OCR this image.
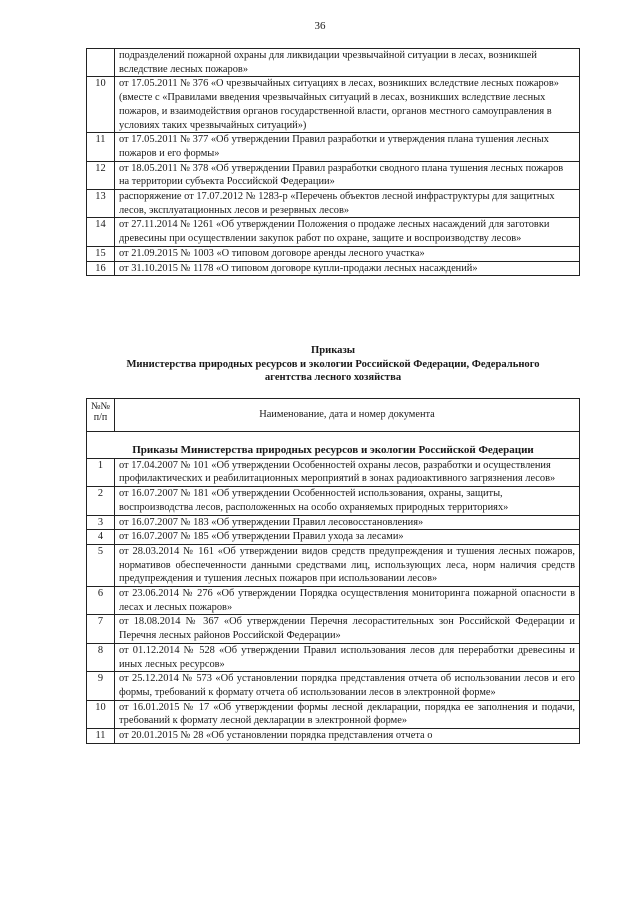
36
	подразделений пожарной охраны для ликвидации чрезвычайной ситуации в лесах, возникшей вследствие лесных пожаров»
10	от 17.05.2011 № 376 «О чрезвычайных ситуациях в лесах, возникших вследствие лесных пожаров» (вместе с «Правилами введения чрезвычайных ситуаций в лесах, возникших вследствие лесных пожаров, и взаимодействия органов государственной власти, органов местного самоуправления в условиях таких чрезвычайных ситуаций»)
11	от 17.05.2011 № 377 «Об утверждении Правил разработки и утверждения плана тушения лесных пожаров и его формы»
12	от 18.05.2011 № 378 «Об утверждении Правил разработки сводного плана тушения лесных пожаров на территории субъекта Российской Федерации»
13	распоряжение от 17.07.2012 № 1283-р «Перечень объектов лесной инфраструктуры для защитных лесов, эксплуатационных лесов и резервных лесов»
14	от 27.11.2014 № 1261 «Об утверждении Положения о продаже лесных насаждений для заготовки древесины при осуществлении закупок работ по охране, защите и воспроизводству лесов»
15	от 21.09.2015 № 1003 «О типовом договоре аренды лесного участка»
16	от 31.10.2015 № 1178 «О типовом договоре купли-продажи лесных насаждений»
Приказы
Министерства природных ресурсов и экологии Российской Федерации, Федерального
агентства лесного хозяйства
№№ п/п	Наименование, дата и номер документа
Приказы Министерства природных ресурсов и экологии Российской Федерации	
1	от 17.04.2007 № 101 «Об утверждении Особенностей охраны лесов, разработки и осуществления профилактических и реабилитационных мероприятий в зонах радиоактивного загрязнения лесов»
2	от 16.07.2007 № 181 «Об утверждении Особенностей использования, охраны, защиты, воспроизводства лесов, расположенных на особо охраняемых природных территориях»
3	от 16.07.2007 № 183 «Об утверждении Правил лесовосстановления»
4	от 16.07.2007 № 185 «Об утверждении Правил ухода за лесами»
5	от 28.03.2014 № 161 «Об утверждении видов средств предупреждения и тушения лесных пожаров, нормативов обеспеченности данными средствами лиц, использующих леса, норм наличия средств предупреждения и тушения лесных пожаров при использовании лесов»
6	от 23.06.2014 № 276 «Об утверждении Порядка осуществления мониторинга пожарной опасности в лесах и лесных пожаров»
7	от 18.08.2014 № 367 «Об утверждении Перечня лесорастительных зон Российской Федерации и Перечня лесных районов Российской Федерации»
8	от 01.12.2014 № 528 «Об утверждении Правил использования лесов для переработки древесины и иных лесных ресурсов»
9	от 25.12.2014 № 573 «Об установлении порядка представления отчета об использовании лесов и его формы, требований к формату отчета об использовании лесов в электронной форме»
10	от 16.01.2015 № 17 «Об утверждении формы лесной декларации, порядка ее заполнения и подачи, требований к формату лесной декларации в электронной форме»
11	от 20.01.2015 № 28 «Об установлении порядка представления отчета о
